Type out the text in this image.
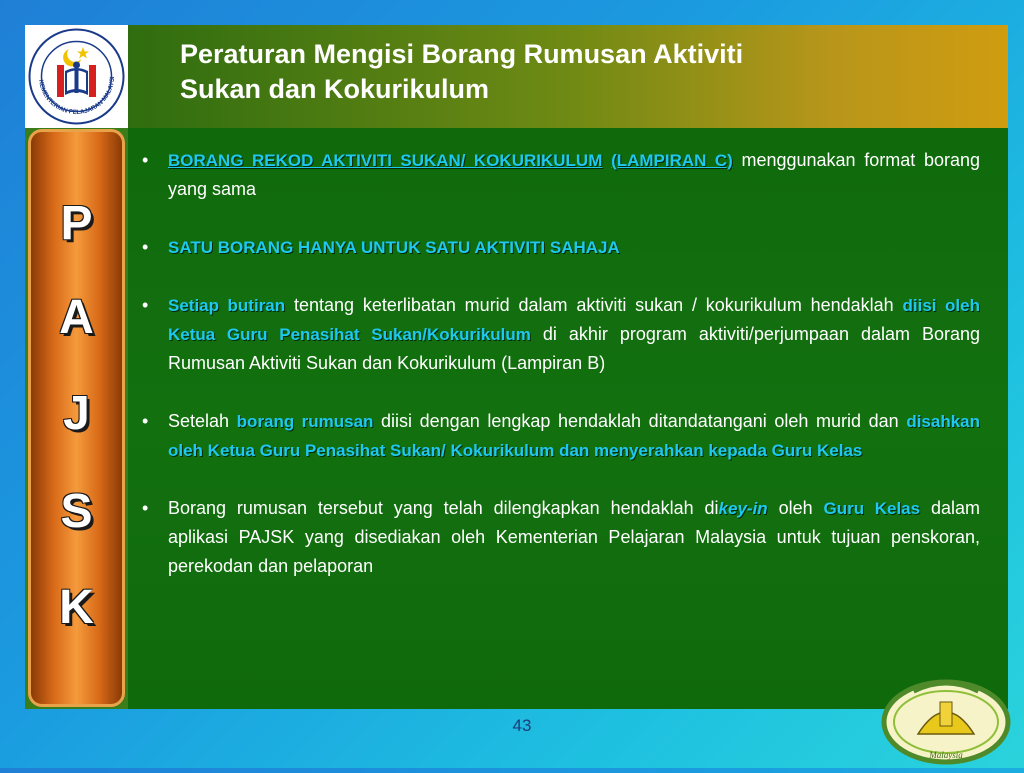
KEMENTERIAN PELAJARAN MALAYSI
Peraturan Mengisi Borang Rumusan Aktiviti
Sukan dan Kokurikulum
P
A
J
S
K
• BORANG REKOD AKTIVITI SUKAN/ KOKURIKULUM (LAMPIRAN C) menggunakan format borang yang sama
• SATU BORANG HANYA UNTUK SATU AKTIVITI SAHAJA
• Setiap butiran tentang keterlibatan murid dalam aktiviti sukan / kokurikulum hendaklah diisi oleh Ketua Guru Penasihat Sukan/Kokurikulum di akhir program aktiviti/perjumpaan dalam Borang Rumusan Aktiviti Sukan dan Kokurikulum (Lampiran B)
• Setelah borang rumusan diisi dengan lengkap hendaklah ditandatangani oleh murid dan disahkan oleh Ketua Guru Penasihat Sukan/ Kokurikulum dan menyerahkan kepada Guru Kelas
• Borang rumusan tersebut yang telah dilengkapkan hendaklah dikey-in oleh Guru Kelas dalam aplikasi PAJSK yang disediakan oleh Kementerian Pelajaran Malaysia untuk tujuan penskoran, perekodan dan pelaporan
43
Malaysia
